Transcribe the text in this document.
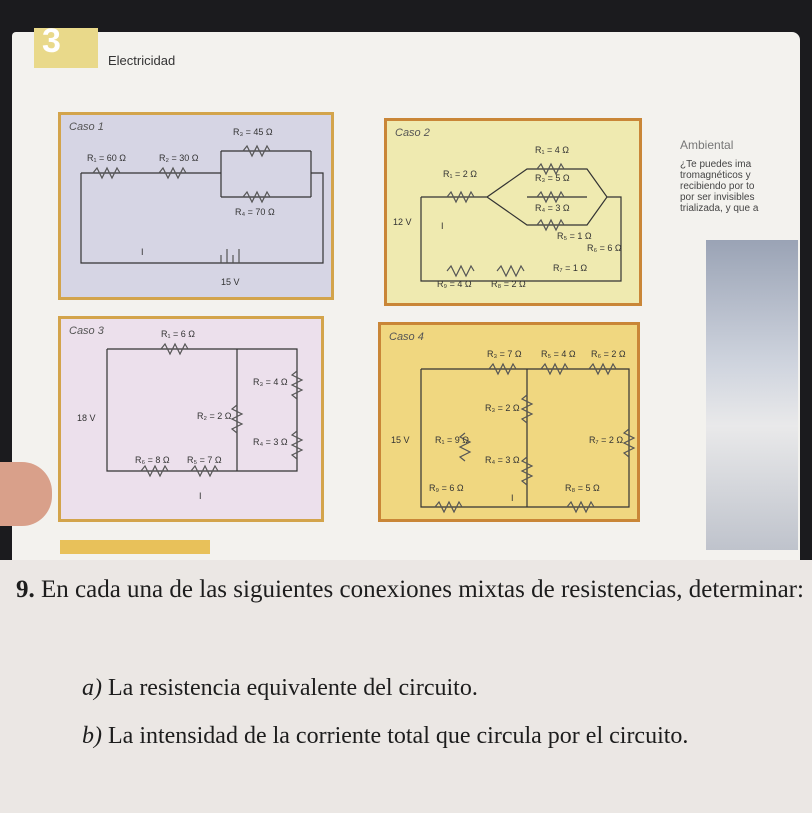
3
Electricidad
Caso 1	R₃ = 45 Ω
R₁ = 60 Ω	R₂ = 30 Ω
R₄ = 70 Ω
15 V
I
Caso 2
R₁ = 4 Ω
R₁ = 2 Ω	R₃ = 5 Ω
R₄ = 3 Ω
R₅ = 1 Ω
R₆ = 6 Ω
R₇ = 1 Ω
R₉ = 4 Ω R₈ = 2 Ω
12 V	I
Caso 3	R₁ = 6 Ω
R₃ = 4 Ω
R₂ = 2 Ω
R₄ = 3 Ω
R₆ = 8 Ω R₅ = 7 Ω
18 V
I
Caso 4
R₃ = 7 Ω R₅ = 4 Ω R₆ = 2 Ω
R₃ = 2 Ω
R₁ = 9 Ω	R₇ = 2 Ω
R₄ = 3 Ω
R₉ = 6 Ω	R₈ = 5 Ω
15 V
I
Ambiental
¿Te puedes ima
tromagnéticos y
recibiendo por to
por ser invisibles
trializada, y que a
9. En cada una de las siguientes conexiones mixtas de resistencias, determinar:
a) La resistencia equivalente del circuito.
b) La intensidad de la corriente total que circula por el circuito.
